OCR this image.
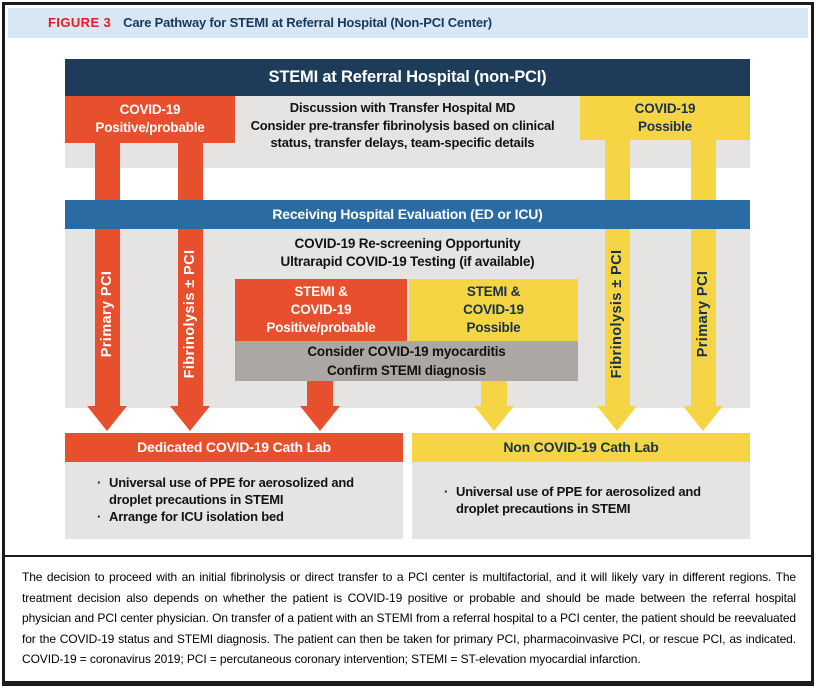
FIGURE 3 Care Pathway for STEMI at Referral Hospital (Non-PCI Center)
STEMI at Referral Hospital (non-PCI)
COVID-19
Positive/probable
Discussion with Transfer Hospital MD
Consider pre-transfer fibrinolysis based on clinical
status, transfer delays, team-specific details
COVID-19
Possible
Receiving Hospital Evaluation (ED or ICU)
COVID-19 Re-screening Opportunity
Ultrarapid COVID-19 Testing (if available)
STEMI &
COVID-19
Positive/probable
STEMI &
COVID-19
Possible
Consider COVID-19 myocarditis
Confirm STEMI diagnosis
Primary PCI	Fibrinolysis ± PCI	Fibrinolysis ± PCI	Primary PCI
Dedicated COVID-19 Cath Lab	Non COVID-19 Cath Lab
· Universal use of PPE for aerosolized and droplet precautions in STEMI
· Arrange for ICU isolation bed
· Universal use of PPE for aerosolized and droplet precautions in STEMI
The decision to proceed with an initial fibrinolysis or direct transfer to a PCI center is multifactorial, and it will likely vary in different regions. The treatment decision also depends on whether the patient is COVID-19 positive or probable and should be made between the referral hospital physician and PCI center physician. On transfer of a patient with an STEMI from a referral hospital to a PCI center, the patient should be reevaluated for the COVID-19 status and STEMI diagnosis. The patient can then be taken for primary PCI, pharmacoinvasive PCI, or rescue PCI, as indicated. COVID-19 = coronavirus 2019; PCI = percutaneous coronary intervention; STEMI = ST-elevation myocardial infarction.
